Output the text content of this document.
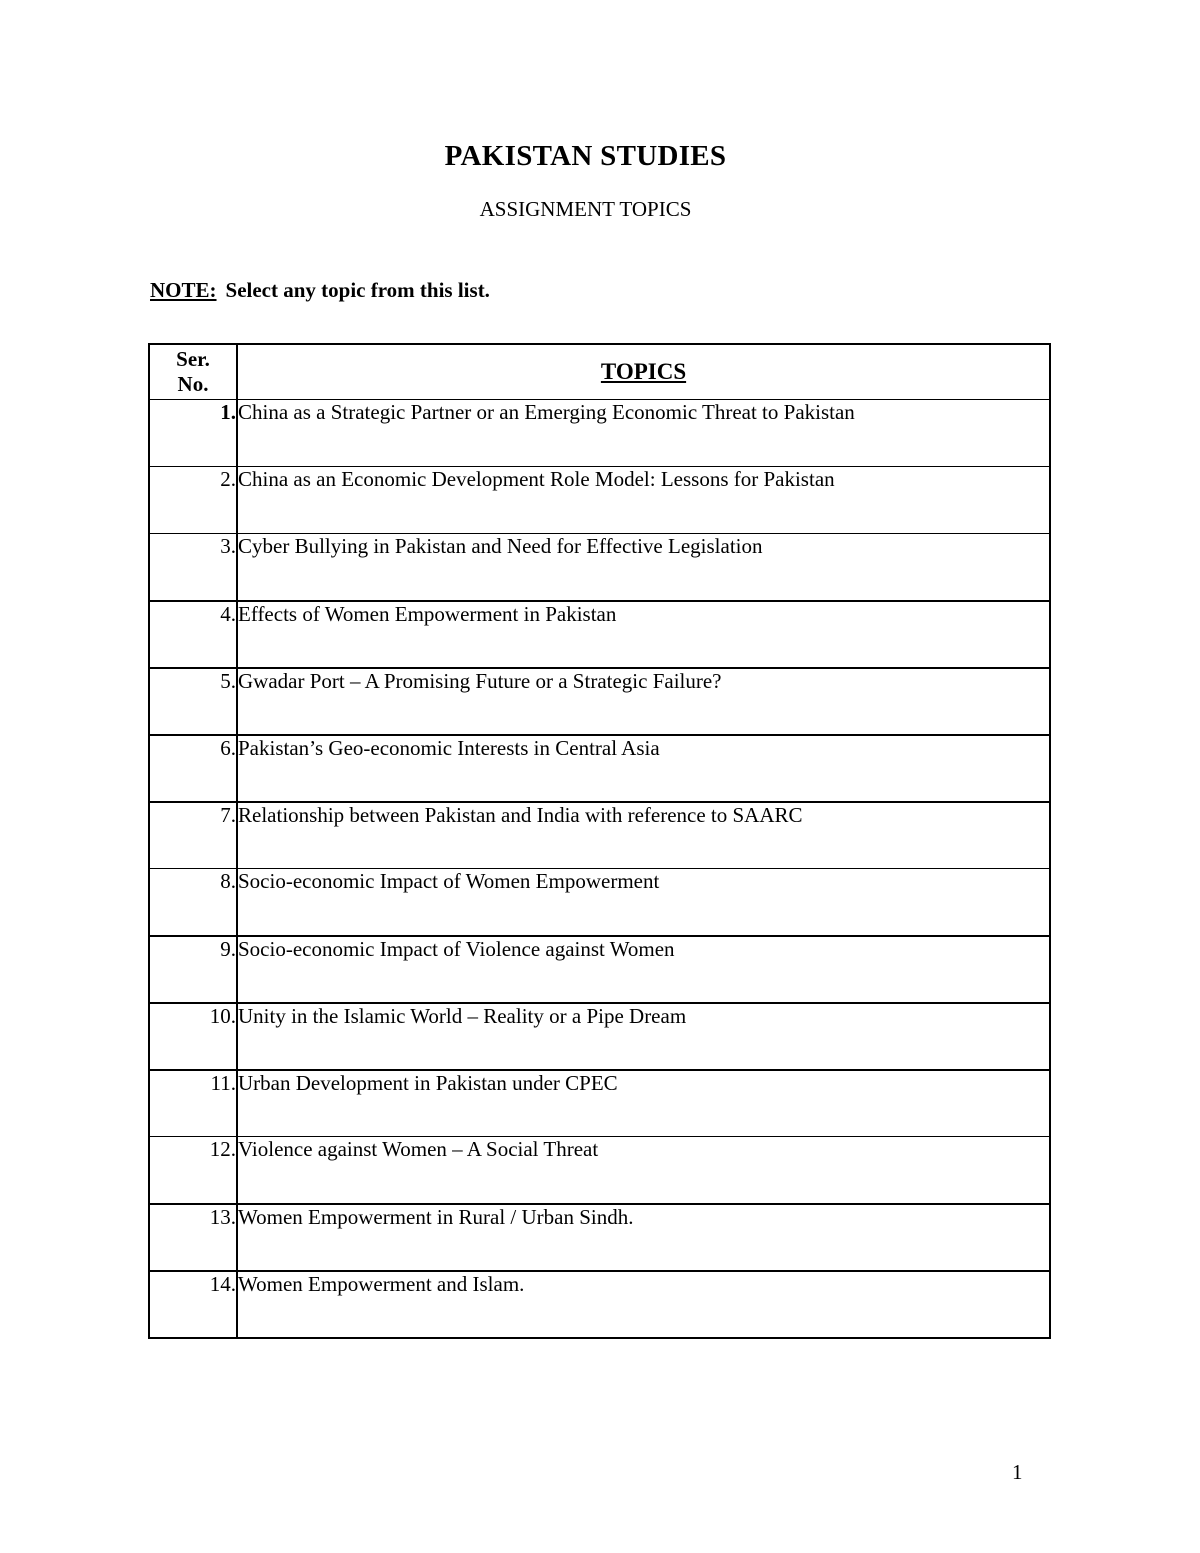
PAKISTAN STUDIES
ASSIGNMENT TOPICS
NOTE: Select any topic from this list.
Ser.
No.	TOPICS
1.	China as a Strategic Partner or an Emerging Economic Threat to Pakistan
2.	China as an Economic Development Role Model: Lessons for Pakistan
3.	Cyber Bullying in Pakistan and Need for Effective Legislation
4.	Effects of Women Empowerment in Pakistan
5.	Gwadar Port – A Promising Future or a Strategic Failure?
6.	Pakistan’s Geo-economic Interests in Central Asia
7.	Relationship between Pakistan and India with reference to SAARC
8.	Socio-economic Impact of Women Empowerment
9.	Socio-economic Impact of Violence against Women
10.	Unity in the Islamic World – Reality or a Pipe Dream
11.	Urban Development in Pakistan under CPEC
12.	Violence against Women – A Social Threat
13.	Women Empowerment in Rural / Urban Sindh.
14.	Women Empowerment and Islam.
1
